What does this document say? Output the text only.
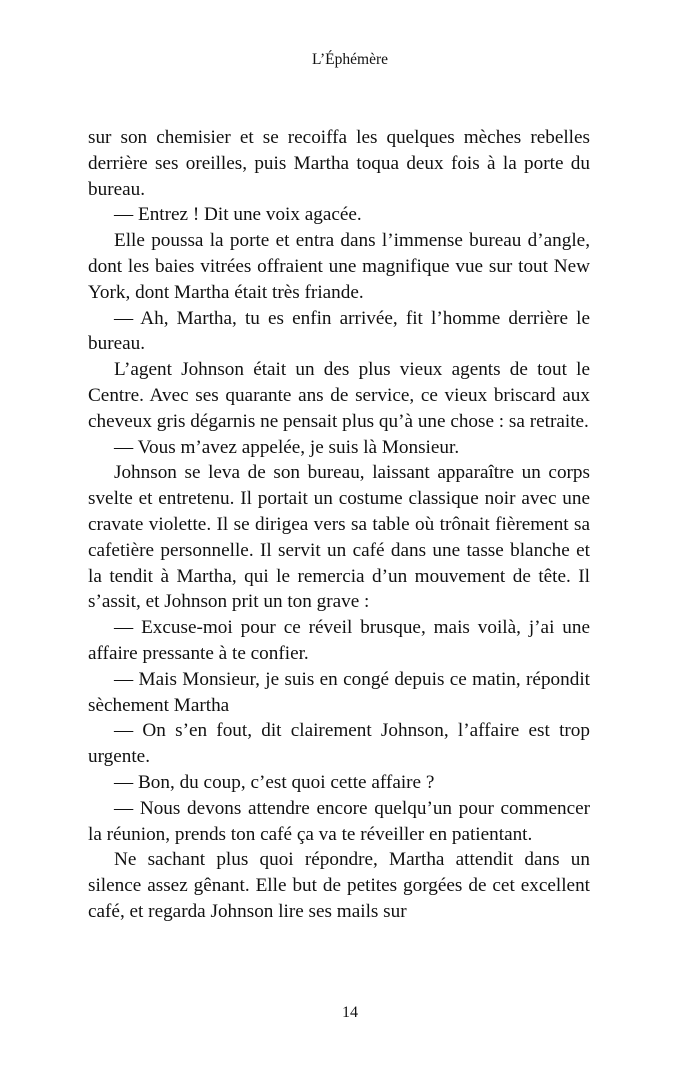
L’Éphémère

sur son chemisier et se recoiffa les quelques mèches rebelles derrière ses oreilles, puis Martha toqua deux fois à la porte du bureau.

— Entrez ! Dit une voix agacée.

Elle poussa la porte et entra dans l’immense bureau d’angle, dont les baies vitrées offraient une magnifique vue sur tout New York, dont Martha était très friande.

— Ah, Martha, tu es enfin arrivée, fit l’homme derrière le bureau.

L’agent Johnson était un des plus vieux agents de tout le Centre. Avec ses quarante ans de service, ce vieux briscard aux cheveux gris dégarnis ne pensait plus qu’à une chose : sa retraite.

— Vous m’avez appelée, je suis là Monsieur.

Johnson se leva de son bureau, laissant apparaître un corps svelte et entretenu. Il portait un costume classique noir avec une cravate violette. Il se dirigea vers sa table où trônait fièrement sa cafetière personnelle. Il servit un café dans une tasse blanche et la tendit à Martha, qui le remercia d’un mouvement de tête. Il s’assit, et Johnson prit un ton grave :

— Excuse-moi pour ce réveil brusque, mais voilà, j’ai une affaire pressante à te confier.

— Mais Monsieur, je suis en congé depuis ce matin, répondit sèchement Martha

— On s’en fout, dit clairement Johnson, l’affaire est trop urgente.

— Bon, du coup, c’est quoi cette affaire ?

— Nous devons attendre encore quelqu’un pour commencer la réunion, prends ton café ça va te réveiller en patientant.

Ne sachant plus quoi répondre, Martha attendit dans un silence assez gênant. Elle but de petites gorgées de cet excellent café, et regarda Johnson lire ses mails sur

14
